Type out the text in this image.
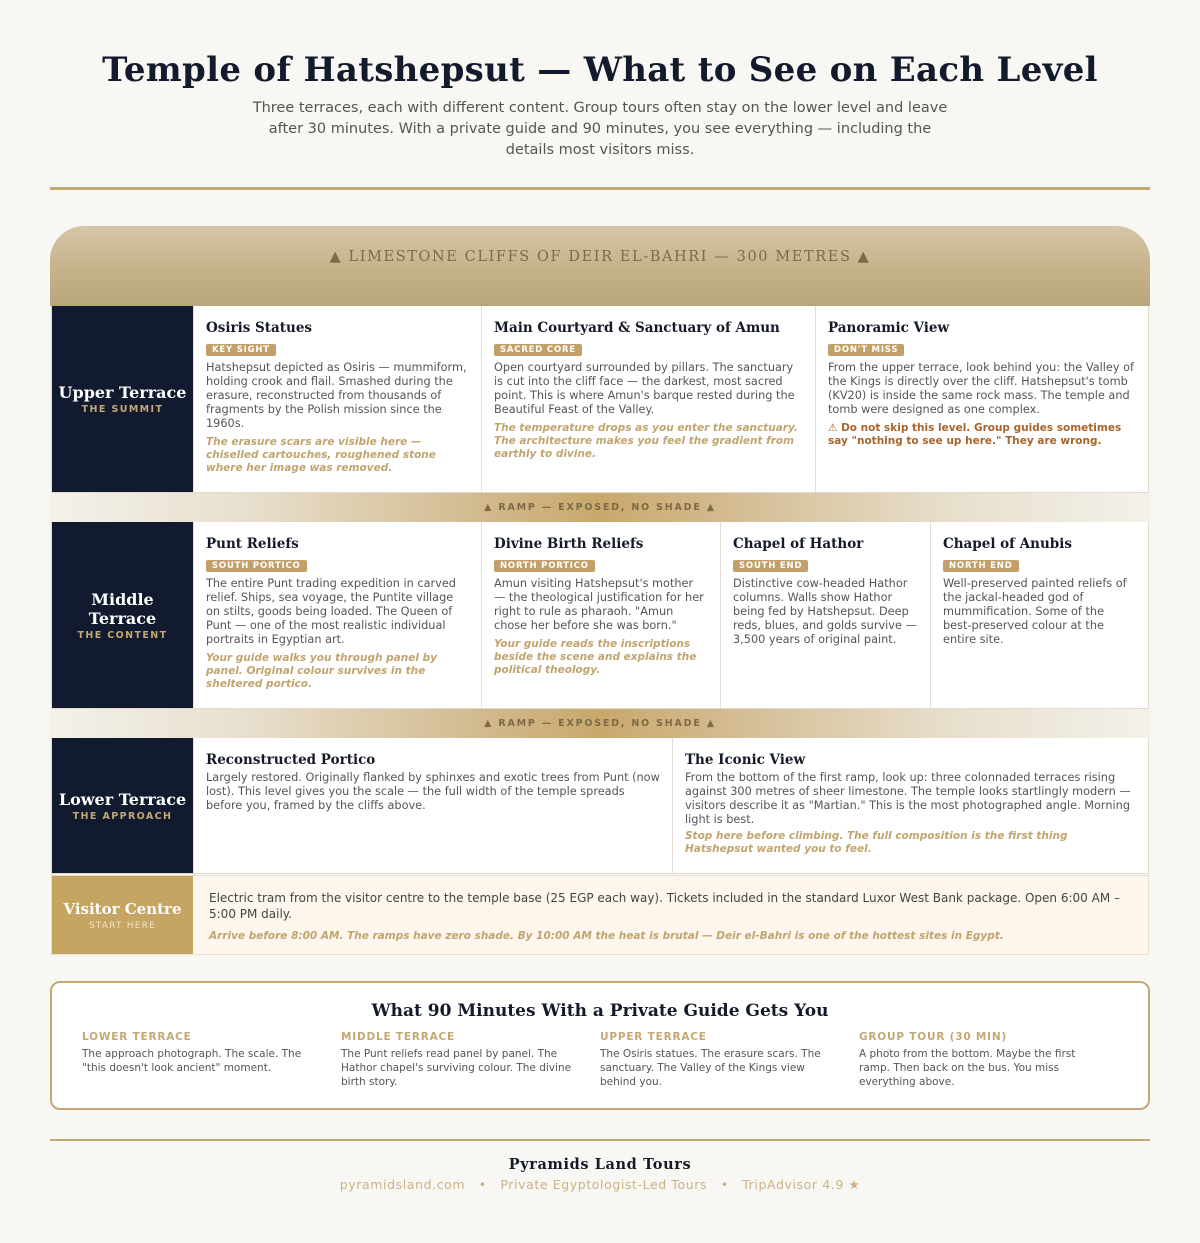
Temple of Hatshepsut — What to See on Each Level

Three terraces, each with different content. Group tours often stay on the lower level and leave after 30 minutes. With a private guide and 90 minutes, you see everything — including the details most visitors miss.

▲ LIMESTONE CLIFFS OF DEIR EL-BAHRI — 300 METRES ▲
Upper Terrace
THE SUMMIT
Osiris Statues
KEY SIGHT

Hatshepsut depicted as Osiris — mummiform, holding crook and flail. Smashed during the erasure, reconstructed from thousands of fragments by the Polish mission since the 1960s.

The erasure scars are visible here — chiselled cartouches, roughened stone where her image was removed.

Main Courtyard & Sanctuary of Amun
SACRED CORE

Open courtyard surrounded by pillars. The sanctuary is cut into the cliff face — the darkest, most sacred point. This is where Amun's barque rested during the Beautiful Feast of the Valley.

The temperature drops as you enter the sanctuary. The architecture makes you feel the gradient from earthly to divine.

Panoramic View
DON'T MISS

From the upper terrace, look behind you: the Valley of the Kings is directly over the cliff. Hatshepsut's tomb (KV20) is inside the same rock mass. The temple and tomb were designed as one complex.

⚠ Do not skip this level. Group guides sometimes say "nothing to see up here." They are wrong.

▲ RAMP — EXPOSED, NO SHADE ▲
Middle Terrace
THE CONTENT
Punt Reliefs
SOUTH PORTICO

The entire Punt trading expedition in carved relief. Ships, sea voyage, the Puntite village on stilts, goods being loaded. The Queen of Punt — one of the most realistic individual portraits in Egyptian art.

Your guide walks you through panel by panel. Original colour survives in the sheltered portico.

Divine Birth Reliefs
NORTH PORTICO

Amun visiting Hatshepsut's mother — the theological justification for her right to rule as pharaoh. "Amun chose her before she was born."

Your guide reads the inscriptions beside the scene and explains the political theology.

Chapel of Hathor
SOUTH END

Distinctive cow-headed Hathor columns. Walls show Hathor being fed by Hatshepsut. Deep reds, blues, and golds survive — 3,500 years of original paint.

Chapel of Anubis
NORTH END

Well-preserved painted reliefs of the jackal-headed god of mummification. Some of the best-preserved colour at the entire site.

▲ RAMP — EXPOSED, NO SHADE ▲
Lower Terrace
THE APPROACH
Reconstructed Portico

Largely restored. Originally flanked by sphinxes and exotic trees from Punt (now lost). This level gives you the scale — the full width of the temple spreads before you, framed by the cliffs above.

The Iconic View

From the bottom of the first ramp, look up: three colonnaded terraces rising against 300 metres of sheer limestone. The temple looks startlingly modern — visitors describe it as "Martian." This is the most photographed angle. Morning light is best.

Stop here before climbing. The full composition is the first thing Hatshepsut wanted you to feel.

Visitor Centre
START HERE

Electric tram from the visitor centre to the temple base (25 EGP each way). Tickets included in the standard Luxor West Bank package. Open 6:00 AM – 5:00 PM daily.

Arrive before 8:00 AM. The ramps have zero shade. By 10:00 AM the heat is brutal — Deir el-Bahri is one of the hottest sites in Egypt.

What 90 Minutes With a Private Guide Gets You
LOWER TERRACE

The approach photograph. The scale. The "this doesn't look ancient" moment.

MIDDLE TERRACE

The Punt reliefs read panel by panel. The Hathor chapel's surviving colour. The divine birth story.

UPPER TERRACE

The Osiris statues. The erasure scars. The sanctuary. The Valley of the Kings view behind you.

GROUP TOUR (30 MIN)

A photo from the bottom. Maybe the first ramp. Then back on the bus. You miss everything above.

Pyramids Land Tours
pyramidsland.com • Private Egyptologist-Led Tours • TripAdvisor 4.9 ★
